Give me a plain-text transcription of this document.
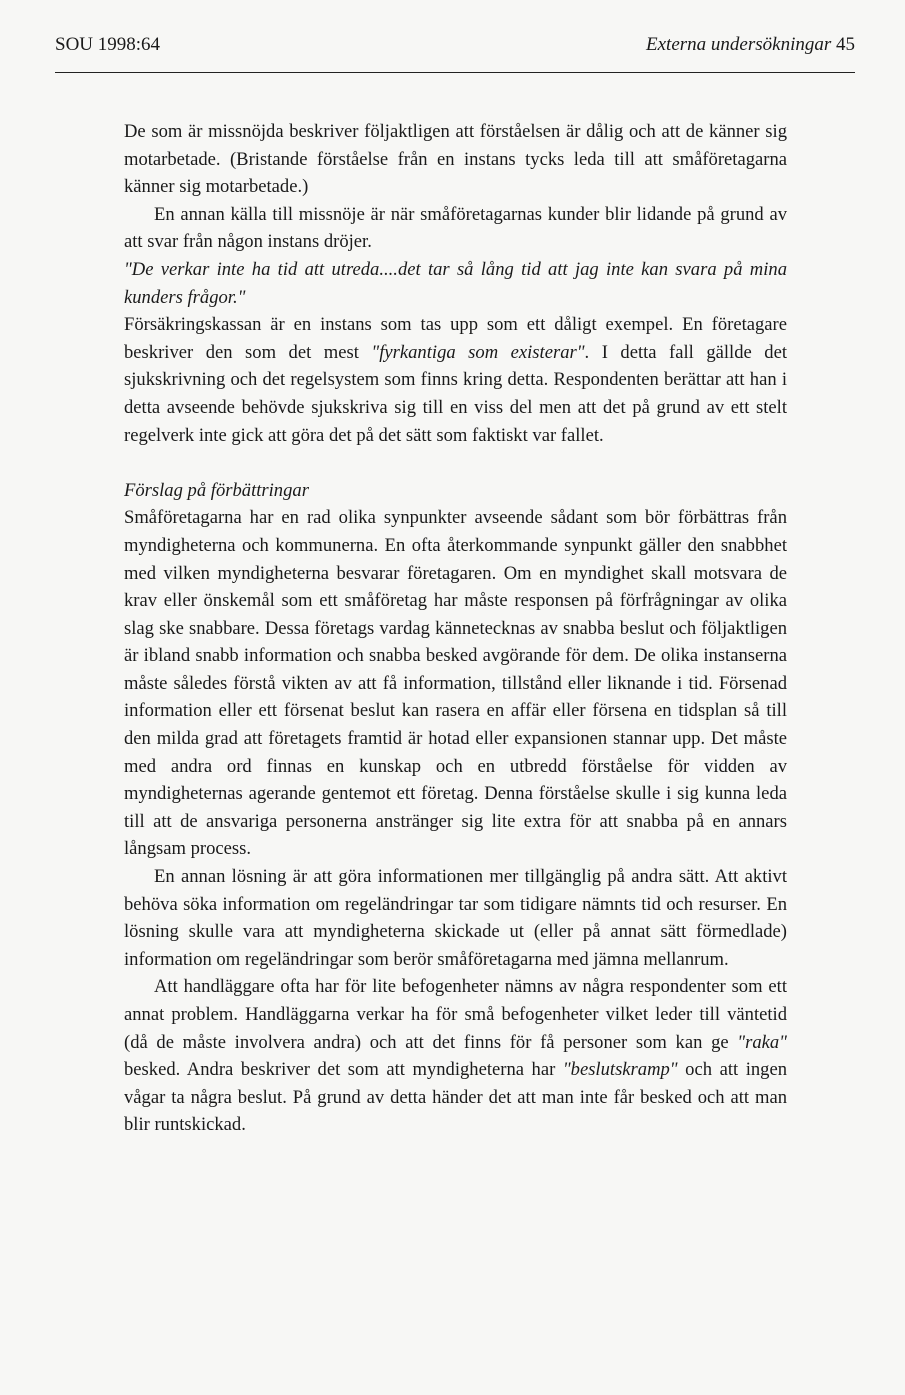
SOU 1998:64	Externa undersökningar 45

De som är missnöjda beskriver följaktligen att förståelsen är dålig och att de känner sig motarbetade. (Bristande förståelse från en instans tycks leda till att småföretagarna känner sig motarbetade.)

En annan källa till missnöje är när småföretagarnas kunder blir lidande på grund av att svar från någon instans dröjer.

"De verkar inte ha tid att utreda....det tar så lång tid att jag inte kan svara på mina kunders frågor."

Försäkringskassan är en instans som tas upp som ett dåligt exempel. En företagare beskriver den som det mest "fyrkantiga som existerar". I detta fall gällde det sjukskrivning och det regelsystem som finns kring detta. Respondenten berättar att han i detta avseende behövde sjukskriva sig till en viss del men att det på grund av ett stelt regelverk inte gick att göra det på det sätt som faktiskt var fallet.

Förslag på förbättringar

Småföretagarna har en rad olika synpunkter avseende sådant som bör förbättras från myndigheterna och kommunerna. En ofta återkommande synpunkt gäller den snabbhet med vilken myndigheterna besvarar företagaren. Om en myndighet skall motsvara de krav eller önskemål som ett småföretag har måste responsen på förfrågningar av olika slag ske snabbare. Dessa företags vardag kännetecknas av snabba beslut och följaktligen är ibland snabb information och snabba besked avgörande för dem. De olika instanserna måste således förstå vikten av att få information, tillstånd eller liknande i tid. Försenad information eller ett försenat beslut kan rasera en affär eller försena en tidsplan så till den milda grad att företagets framtid är hotad eller expansionen stannar upp. Det måste med andra ord finnas en kunskap och en utbredd förståelse för vidden av myndigheternas agerande gentemot ett företag. Denna förståelse skulle i sig kunna leda till att de ansvariga personerna anstränger sig lite extra för att snabba på en annars långsam process.

En annan lösning är att göra informationen mer tillgänglig på andra sätt. Att aktivt behöva söka information om regeländringar tar som tidigare nämnts tid och resurser. En lösning skulle vara att myndigheterna skickade ut (eller på annat sätt förmedlade) information om regeländringar som berör småföretagarna med jämna mellanrum.

Att handläggare ofta har för lite befogenheter nämns av några respondenter som ett annat problem. Handläggarna verkar ha för små befogenheter vilket leder till väntetid (då de måste involvera andra) och att det finns för få personer som kan ge "raka" besked. Andra beskriver det som att myndigheterna har "beslutskramp" och att ingen vågar ta några beslut. På grund av detta händer det att man inte får besked och att man blir runtskickad.
